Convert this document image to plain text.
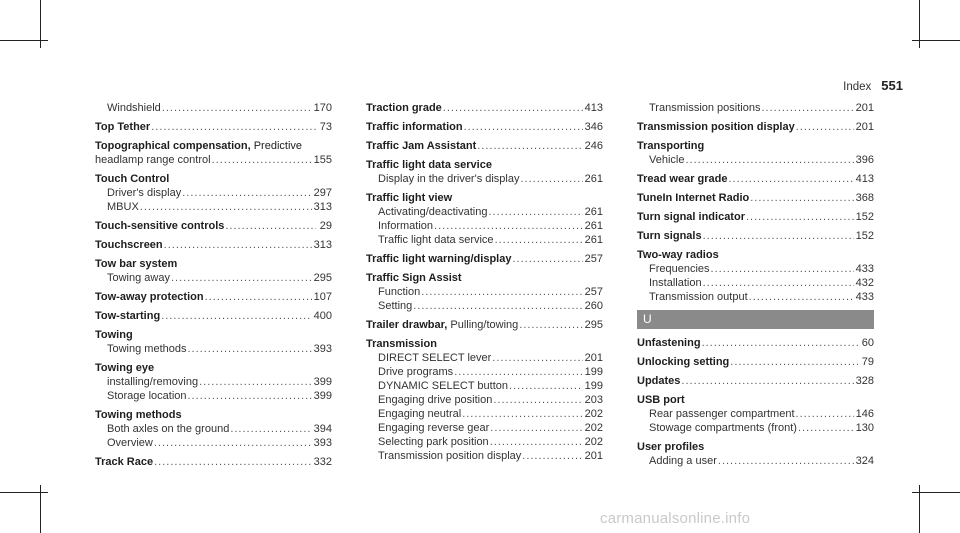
Index 551
Windshield .....	170
Top Tether .....	73
Topographical compensation, Predictive
headlamp range control .....	155
Touch Control
Driver's display .....	297
MBUX .....	313
Touch-sensitive controls .....	29
Touchscreen .....	313
Tow bar system
Towing away .....	295
Tow-away protection .....	107
Tow-starting .....	400
Towing
Towing methods .....	393
Towing eye
installing/removing .....	399
Storage location .....	399
Towing methods
Both axles on the ground .....	394
Overview .....	393
Track Race .....	332
Traction grade .....	413
Traffic information .....	346
Traffic Jam Assistant .....	246
Traffic light data service
Display in the driver's display .....	261
Traffic light view
Activating/deactivating .....	261
Information .....	261
Traffic light data service .....	261
Traffic light warning/display .....	257
Traffic Sign Assist
Function .....	257
Setting .....	260
Trailer drawbar, Pulling/towing .....	295
Transmission
DIRECT SELECT lever .....	201
Drive programs .....	199
DYNAMIC SELECT button .....	199
Engaging drive position .....	203
Engaging neutral .....	202
Engaging reverse gear .....	202
Selecting park position .....	202
Transmission position display .....	201
Transmission positions .....	201
Transmission position display .....	201
Transporting
Vehicle .....	396
Tread wear grade .....	413
TuneIn Internet Radio .....	368
Turn signal indicator .....	152
Turn signals .....	152
Two-way radios
Frequencies .....	433
Installation .....	432
Transmission output .....	433
U
Unfastening .....	60
Unlocking setting .....	79
Updates .....	328
USB port
Rear passenger compartment .....	146
Stowage compartments (front) .....	130
User profiles
Adding a user .....	324
carmanualsonline.info
